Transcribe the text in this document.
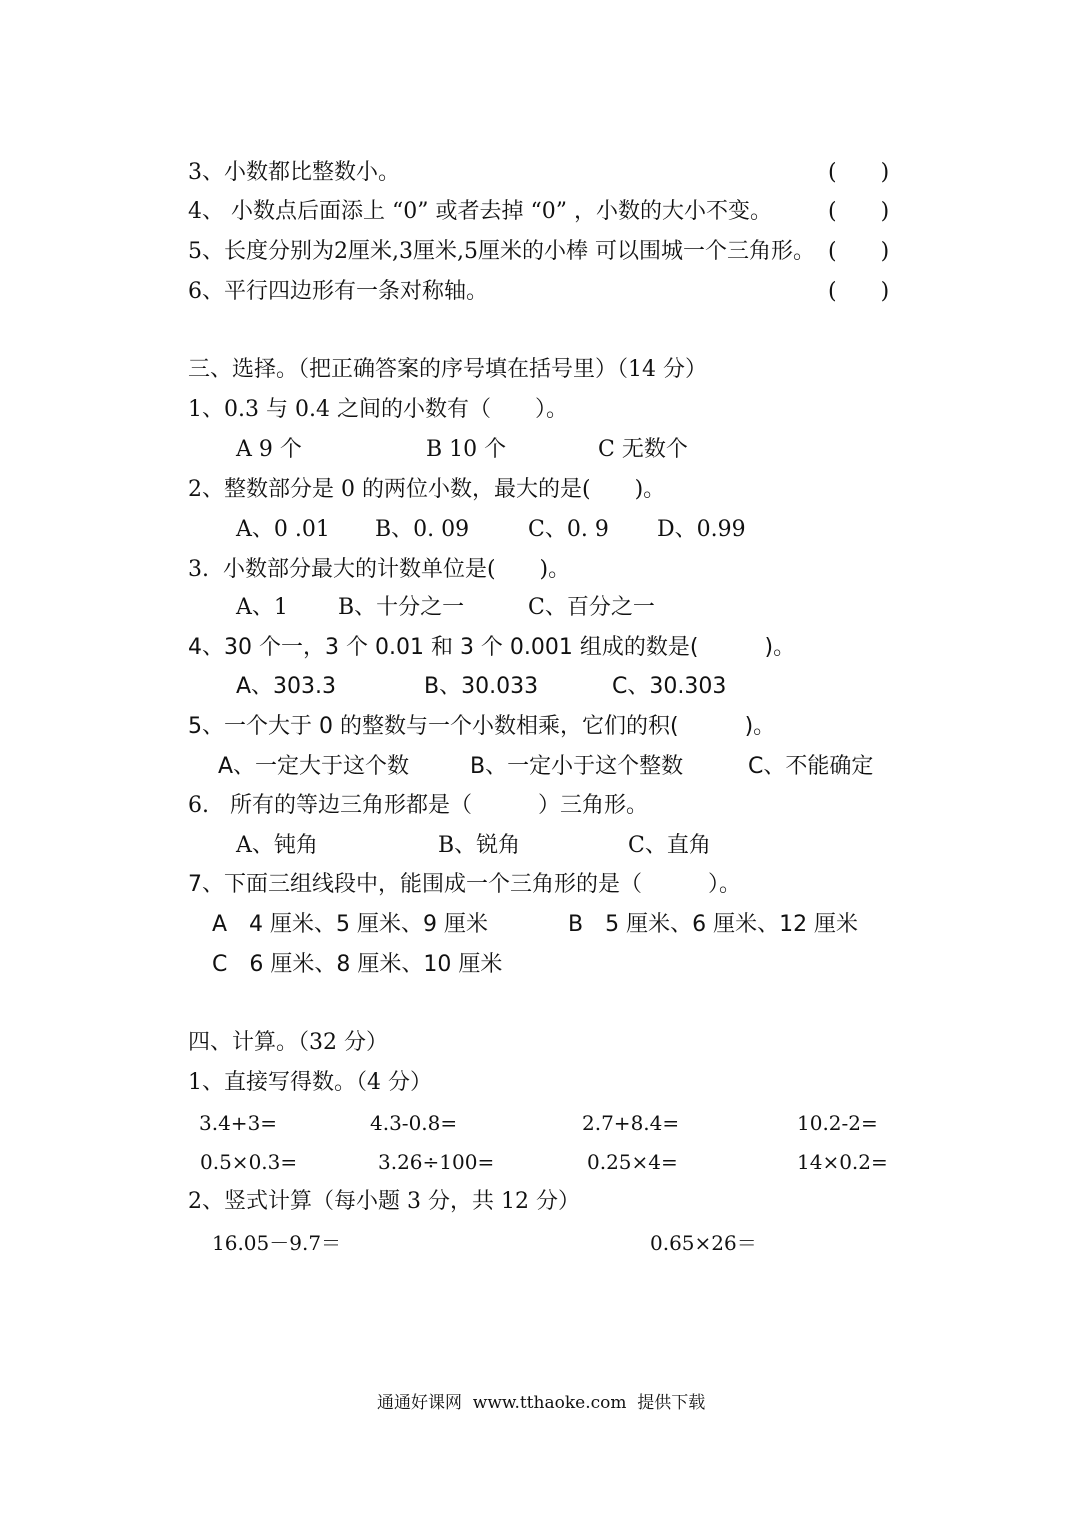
3、小数都比整数小。	(　　)
4、 小数点后面添上 “0” 或者去掉 “0” ，小数的大小不变。	(　　)
5、长度分别为2厘米,3厘米,5厘米的小棒 可以围城一个三角形。 (　　)
6、平行四边形有一条对称轴。	(　　)
三、选择。（把正确答案的序号填在括号里）（14 分）
1、0.3 与 0.4 之间的小数有（　　）。
A 9 个	B 10 个	C 无数个
2、整数部分是 0 的两位小数，最大的是(　　)。
A、0 .01 B、0. 09	C、0. 9 D、0.99
3.  小数部分最大的计数单位是(　　)。
A、1 B、十分之一	C、百分之一
4、30 个一，3 个 0.01 和 3 个 0.001 组成的数是(　　　)。
A、303.3	B、30.033	C、30.303
5、一个大于 0 的整数与一个小数相乘，它们的积(　　　)。
A、一定大于这个数	B、一定小于这个整数	C、不能确定
6.   所有的等边三角形都是（　　　）三角形。
A、钝角	B、锐角	C、直角
7、下面三组线段中，能围成一个三角形的是（　　　）。
A　4 厘米、5 厘米、9 厘米	B　5 厘米、6 厘米、12 厘米
C　6 厘米、8 厘米、10 厘米
四、计算。（32 分）
1、直接写得数。（4 分）
3.4+3=	4.3-0.8=	2.7+8.4=	10.2-2=
0.5×0.3=	3.26÷100=	0.25×4=	14×0.2=
2、竖式计算（每小题 3 分，共 12 分）
16.05－9.7＝	0.65×26＝
通通好课网  www.tthaoke.com  提供下载
